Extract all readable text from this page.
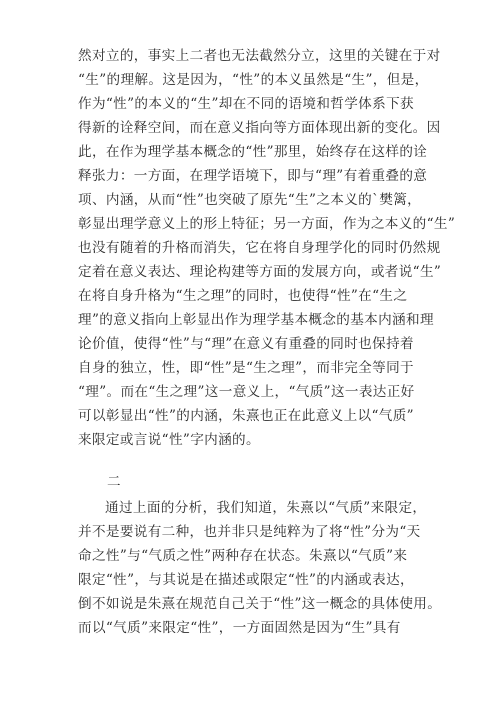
然对立的，事实上二者也无法截然分立，这里的关键在于对
“生”的理解。这是因为，“性”的本义虽然是“生”，但是，
作为“性”的本义的“生”却在不同的语境和哲学体系下获
得新的诠释空间，而在意义指向等方面体现出新的变化。因
此，在作为理学基本概念的“性”那里，始终存在这样的诠
释张力：一方面，在理学语境下，即与“理”有着重叠的意
项、内涵，从而“性”也突破了原先“生”之本义的`樊篱，
彰显出理学意义上的形上特征；另一方面，作为之本义的“生”
也没有随着的升格而消失，它在将自身理学化的同时仍然规
定着在意义表达、理论构建等方面的发展方向，或者说“生”
在将自身升格为“生之理”的同时，也使得“性”在“生之
理”的意义指向上彰显出作为理学基本概念的基本内涵和理
论价值，使得“性”与“理”在意义有重叠的同时也保持着
自身的独立，性，即“性”是“生之理”，而非完全等同于
“理”。而在“生之理”这一意义上，“气质”这一表达正好
可以彰显出“性”的内涵，朱熹也正在此意义上以“气质”
来限定或言说“性”字内涵的。
二
通过上面的分析，我们知道，朱熹以“气质”来限定，
并不是要说有二种，也并非只是纯粹为了将“性”分为“天
命之性”与“气质之性”两种存在状态。朱熹以“气质”来
限定“性”，与其说是在描述或限定“性”的内涵或表达，
倒不如说是朱熹在规范自己关于“性”这一概念的具体使用。
而以“气质”来限定“性”，一方面固然是因为“生”具有
